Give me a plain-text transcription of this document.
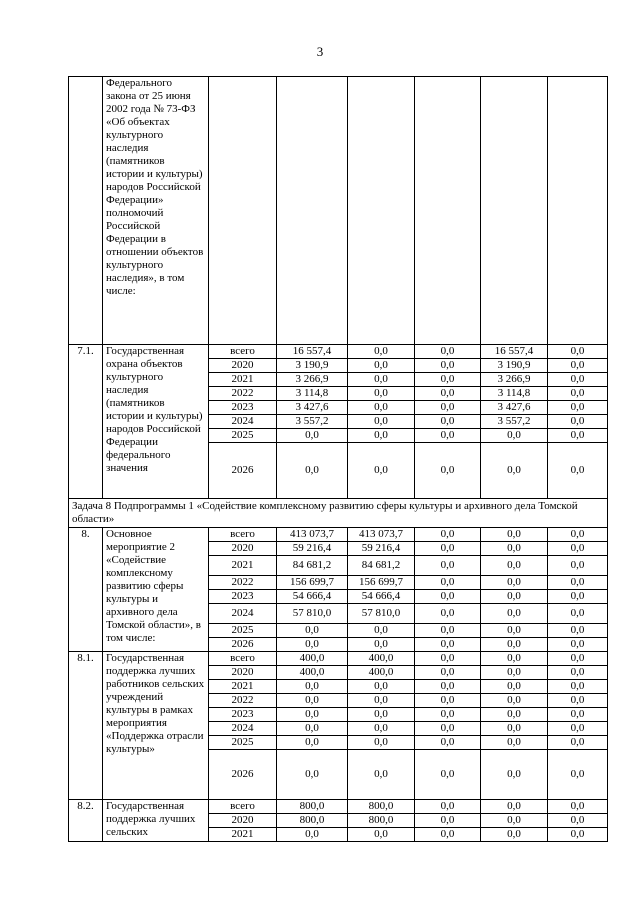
3
	Федерального закона от 25 июня 2002 года № 73-ФЗ «Об объектах культурного наследия (памятников истории и культуры) народов Российской Федерации» полномочий Российской Федерации в отношении объектов культурного наследия», в том числе:						
7.1.	Государственная охрана объектов культурного наследия (памятников истории и культуры) народов Российской Федерации федерального значения	всего	16 557,4	0,0	0,0	16 557,4	0,0
		2020	3 190,9	0,0	0,0	3 190,9	0,0
		2021	3 266,9	0,0	0,0	3 266,9	0,0
		2022	3 114,8	0,0	0,0	3 114,8	0,0
		2023	3 427,6	0,0	0,0	3 427,6	0,0
		2024	3 557,2	0,0	0,0	3 557,2	0,0
		2025	0,0	0,0	0,0	0,0	0,0
		2026	0,0	0,0	0,0	0,0	0,0
Задача 8 Подпрограммы 1 «Содействие комплексному развитию сферы культуры и архивного дела Томской области»							
8.	Основное мероприятие 2 «Содействие комплексному развитию сферы культуры и архивного дела Томской области», в том числе:	всего	413 073,7	413 073,7	0,0	0,0	0,0
		2020	59 216,4	59 216,4	0,0	0,0	0,0
		2021	84 681,2	84 681,2	0,0	0,0	0,0
		2022	156 699,7	156 699,7	0,0	0,0	0,0
		2023	54 666,4	54 666,4	0,0	0,0	0,0
		2024	57 810,0	57 810,0	0,0	0,0	0,0
		2025	0,0	0,0	0,0	0,0	0,0
		2026	0,0	0,0	0,0	0,0	0,0
8.1.	Государственная поддержка лучших работников сельских учреждений культуры в рамках мероприятия «Поддержка отрасли культуры»	всего	400,0	400,0	0,0	0,0	0,0
		2020	400,0	400,0	0,0	0,0	0,0
		2021	0,0	0,0	0,0	0,0	0,0
		2022	0,0	0,0	0,0	0,0	0,0
		2023	0,0	0,0	0,0	0,0	0,0
		2024	0,0	0,0	0,0	0,0	0,0
		2025	0,0	0,0	0,0	0,0	0,0
		2026	0,0	0,0	0,0	0,0	0,0
8.2.	Государственная поддержка лучших сельских	всего	800,0	800,0	0,0	0,0	0,0
		2020	800,0	800,0	0,0	0,0	0,0
		2021	0,0	0,0	0,0	0,0	0,0
